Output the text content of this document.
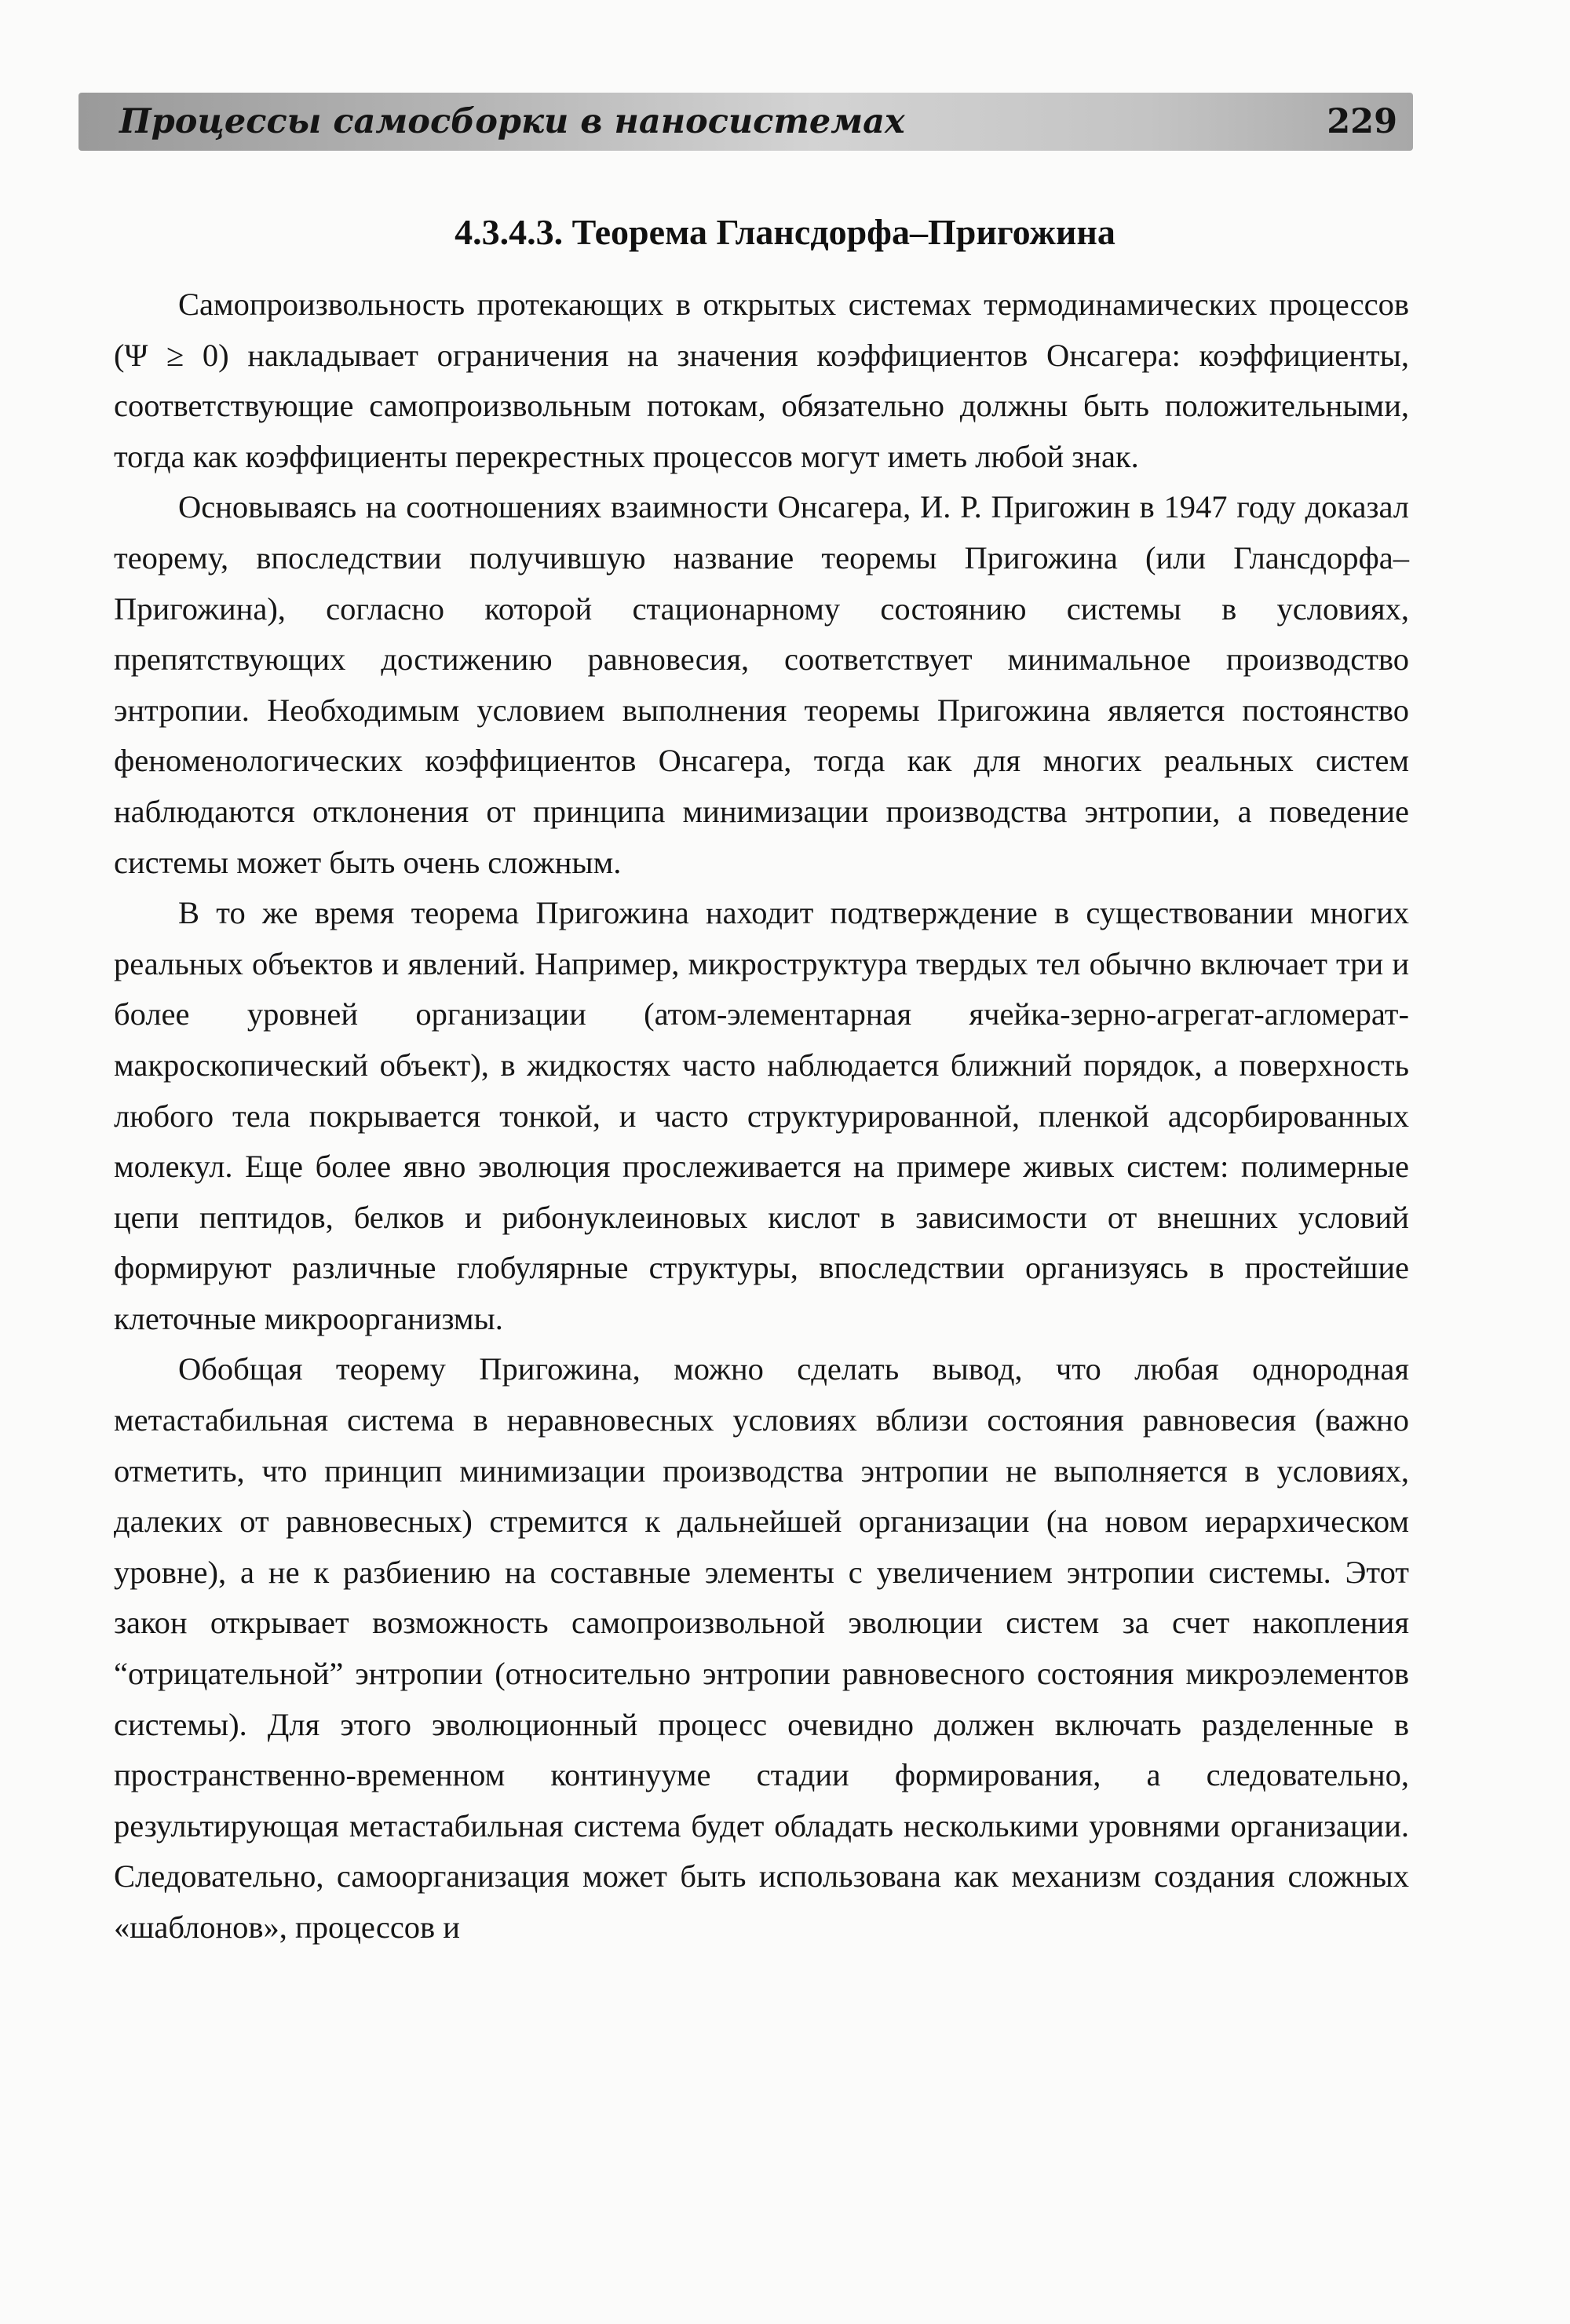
Процессы самосборки в наносистемах	229
4.3.4.3. Теорема Глансдорфа–Пригожина

Самопроизвольность протекающих в открытых системах термодинамических процессов (Ψ ≥ 0) накладывает ограничения на значения коэффициентов Онсагера: коэффициенты, соответствующие самопроизвольным потокам, обязательно должны быть положительными, тогда как коэффициенты перекрестных процессов могут иметь любой знак.

Основываясь на соотношениях взаимности Онсагера, И. Р. Пригожин в 1947 году доказал теорему, впоследствии получившую название теоремы Пригожина (или Глансдорфа–Пригожина), согласно которой стационарному состоянию системы в условиях, препятствующих достижению равновесия, соответствует минимальное производство энтропии. Необходимым условием выполнения теоремы Пригожина является постоянство феноменологических коэффициентов Онсагера, тогда как для многих реальных систем наблюдаются отклонения от принципа минимизации производства энтропии, а поведение системы может быть очень сложным.

В то же время теорема Пригожина находит подтверждение в существовании многих реальных объектов и явлений. Например, микроструктура твердых тел обычно включает три и более уровней организации (атом-элементарная ячейка-зерно-агрегат-агломерат-макроскопический объект), в жидкостях часто наблюдается ближний порядок, а поверхность любого тела покрывается тонкой, и часто структурированной, пленкой адсорбированных молекул. Еще более явно эволюция прослеживается на примере живых систем: полимерные цепи пептидов, белков и рибонуклеиновых кислот в зависимости от внешних условий формируют различные глобулярные структуры, впоследствии организуясь в простейшие клеточные микроорганизмы.

Обобщая теорему Пригожина, можно сделать вывод, что любая однородная метастабильная система в неравновесных условиях вблизи состояния равновесия (важно отметить, что принцип минимизации производства энтропии не выполняется в условиях, далеких от равновесных) стремится к дальнейшей организации (на новом иерархическом уровне), а не к разбиению на составные элементы с увеличением энтропии системы. Этот закон открывает возможность самопроизвольной эволюции систем за счет накопления “отрицательной” энтропии (относительно энтропии равновесного состояния микроэлементов системы). Для этого эволюционный процесс очевидно должен включать разделенные в пространственно-временном континууме стадии формирования, а следовательно, результирующая метастабильная система будет обладать несколькими уровнями организации. Следовательно, самоорганизация может быть использована как механизм создания сложных «шаблонов», процессов и
